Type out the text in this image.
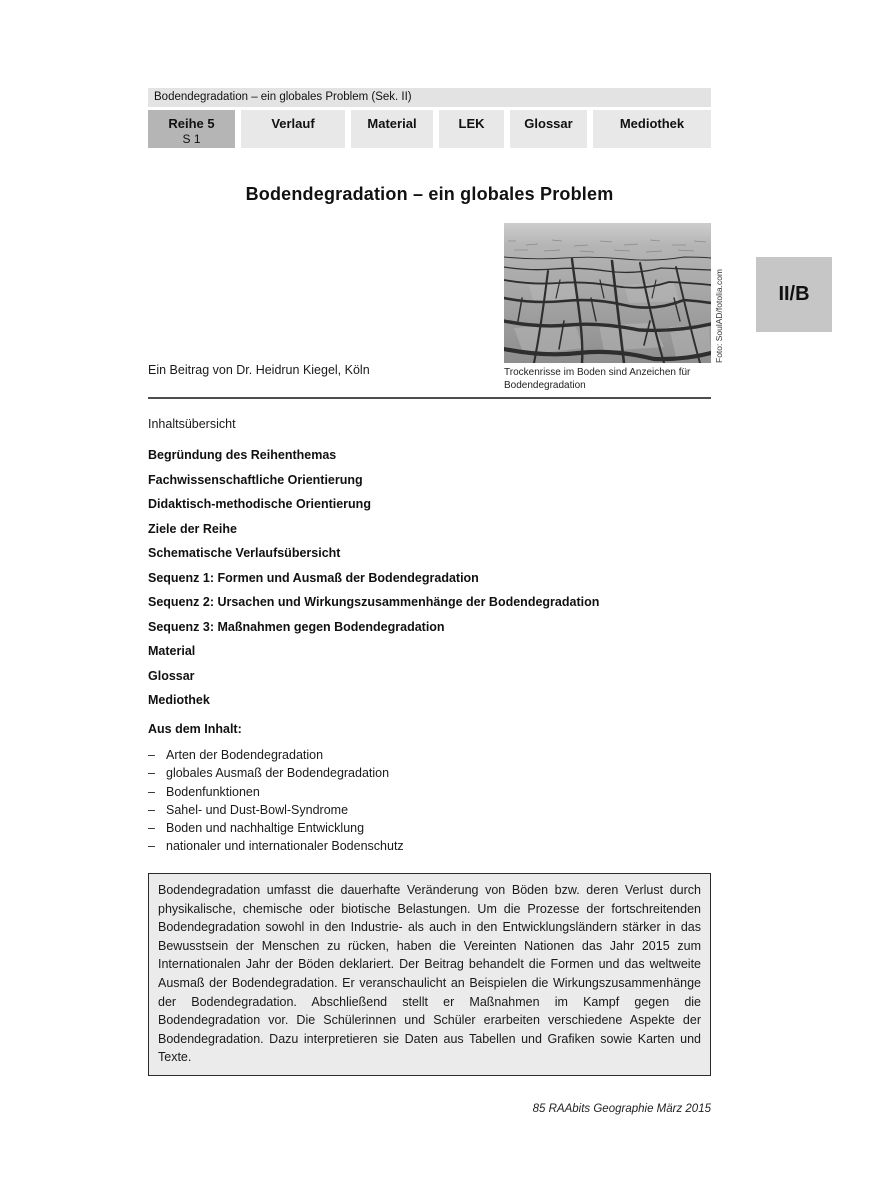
Bodendegradation – ein globales Problem (Sek. II)
Reihe 5
S 1
Verlauf	Material	LEK	Glossar	Mediothek
Bodendegradation – ein globales Problem
Foto: SoulAD/fotolia.com
Trockenrisse im Boden sind Anzeichen für Bodendegradation
II/B
Ein Beitrag von Dr. Heidrun Kiegel, Köln
Inhaltsübersicht
Begründung des Reihenthemas
Fachwissenschaftliche Orientierung
Didaktisch-methodische Orientierung
Ziele der Reihe
Schematische Verlaufsübersicht
Sequenz 1: Formen und Ausmaß der Bodendegradation
Sequenz 2: Ursachen und Wirkungszusammenhänge der Bodendegradation
Sequenz 3: Maßnahmen gegen Bodendegradation
Material
Glossar
Mediothek
Aus dem Inhalt:
– Arten der Bodendegradation
– globales Ausmaß der Bodendegradation
– Bodenfunktionen
– Sahel- und Dust-Bowl-Syndrome
– Boden und nachhaltige Entwicklung
– nationaler und internationaler Bodenschutz
Bodendegradation umfasst die dauerhafte Veränderung von Böden bzw. deren Verlust durch physikalische, chemische oder biotische Belastungen. Um die Prozesse der fortschreitenden Bodendegradation sowohl in den Industrie- als auch in den Entwicklungsländern stärker in das Bewusstsein der Menschen zu rücken, haben die Vereinten Nationen das Jahr 2015 zum Internationalen Jahr der Böden deklariert. Der Beitrag behandelt die Formen und das weltweite Ausmaß der Bodendegradation. Er veranschaulicht an Beispielen die Wirkungszusammenhänge der Bodendegradation. Abschließend stellt er Maßnahmen im Kampf gegen die Bodendegradation vor. Die Schülerinnen und Schüler erarbeiten verschiedene Aspekte der Bodendegradation. Dazu interpretieren sie Daten aus Tabellen und Grafiken sowie Karten und Texte.
85 RAAbits Geographie März 2015
